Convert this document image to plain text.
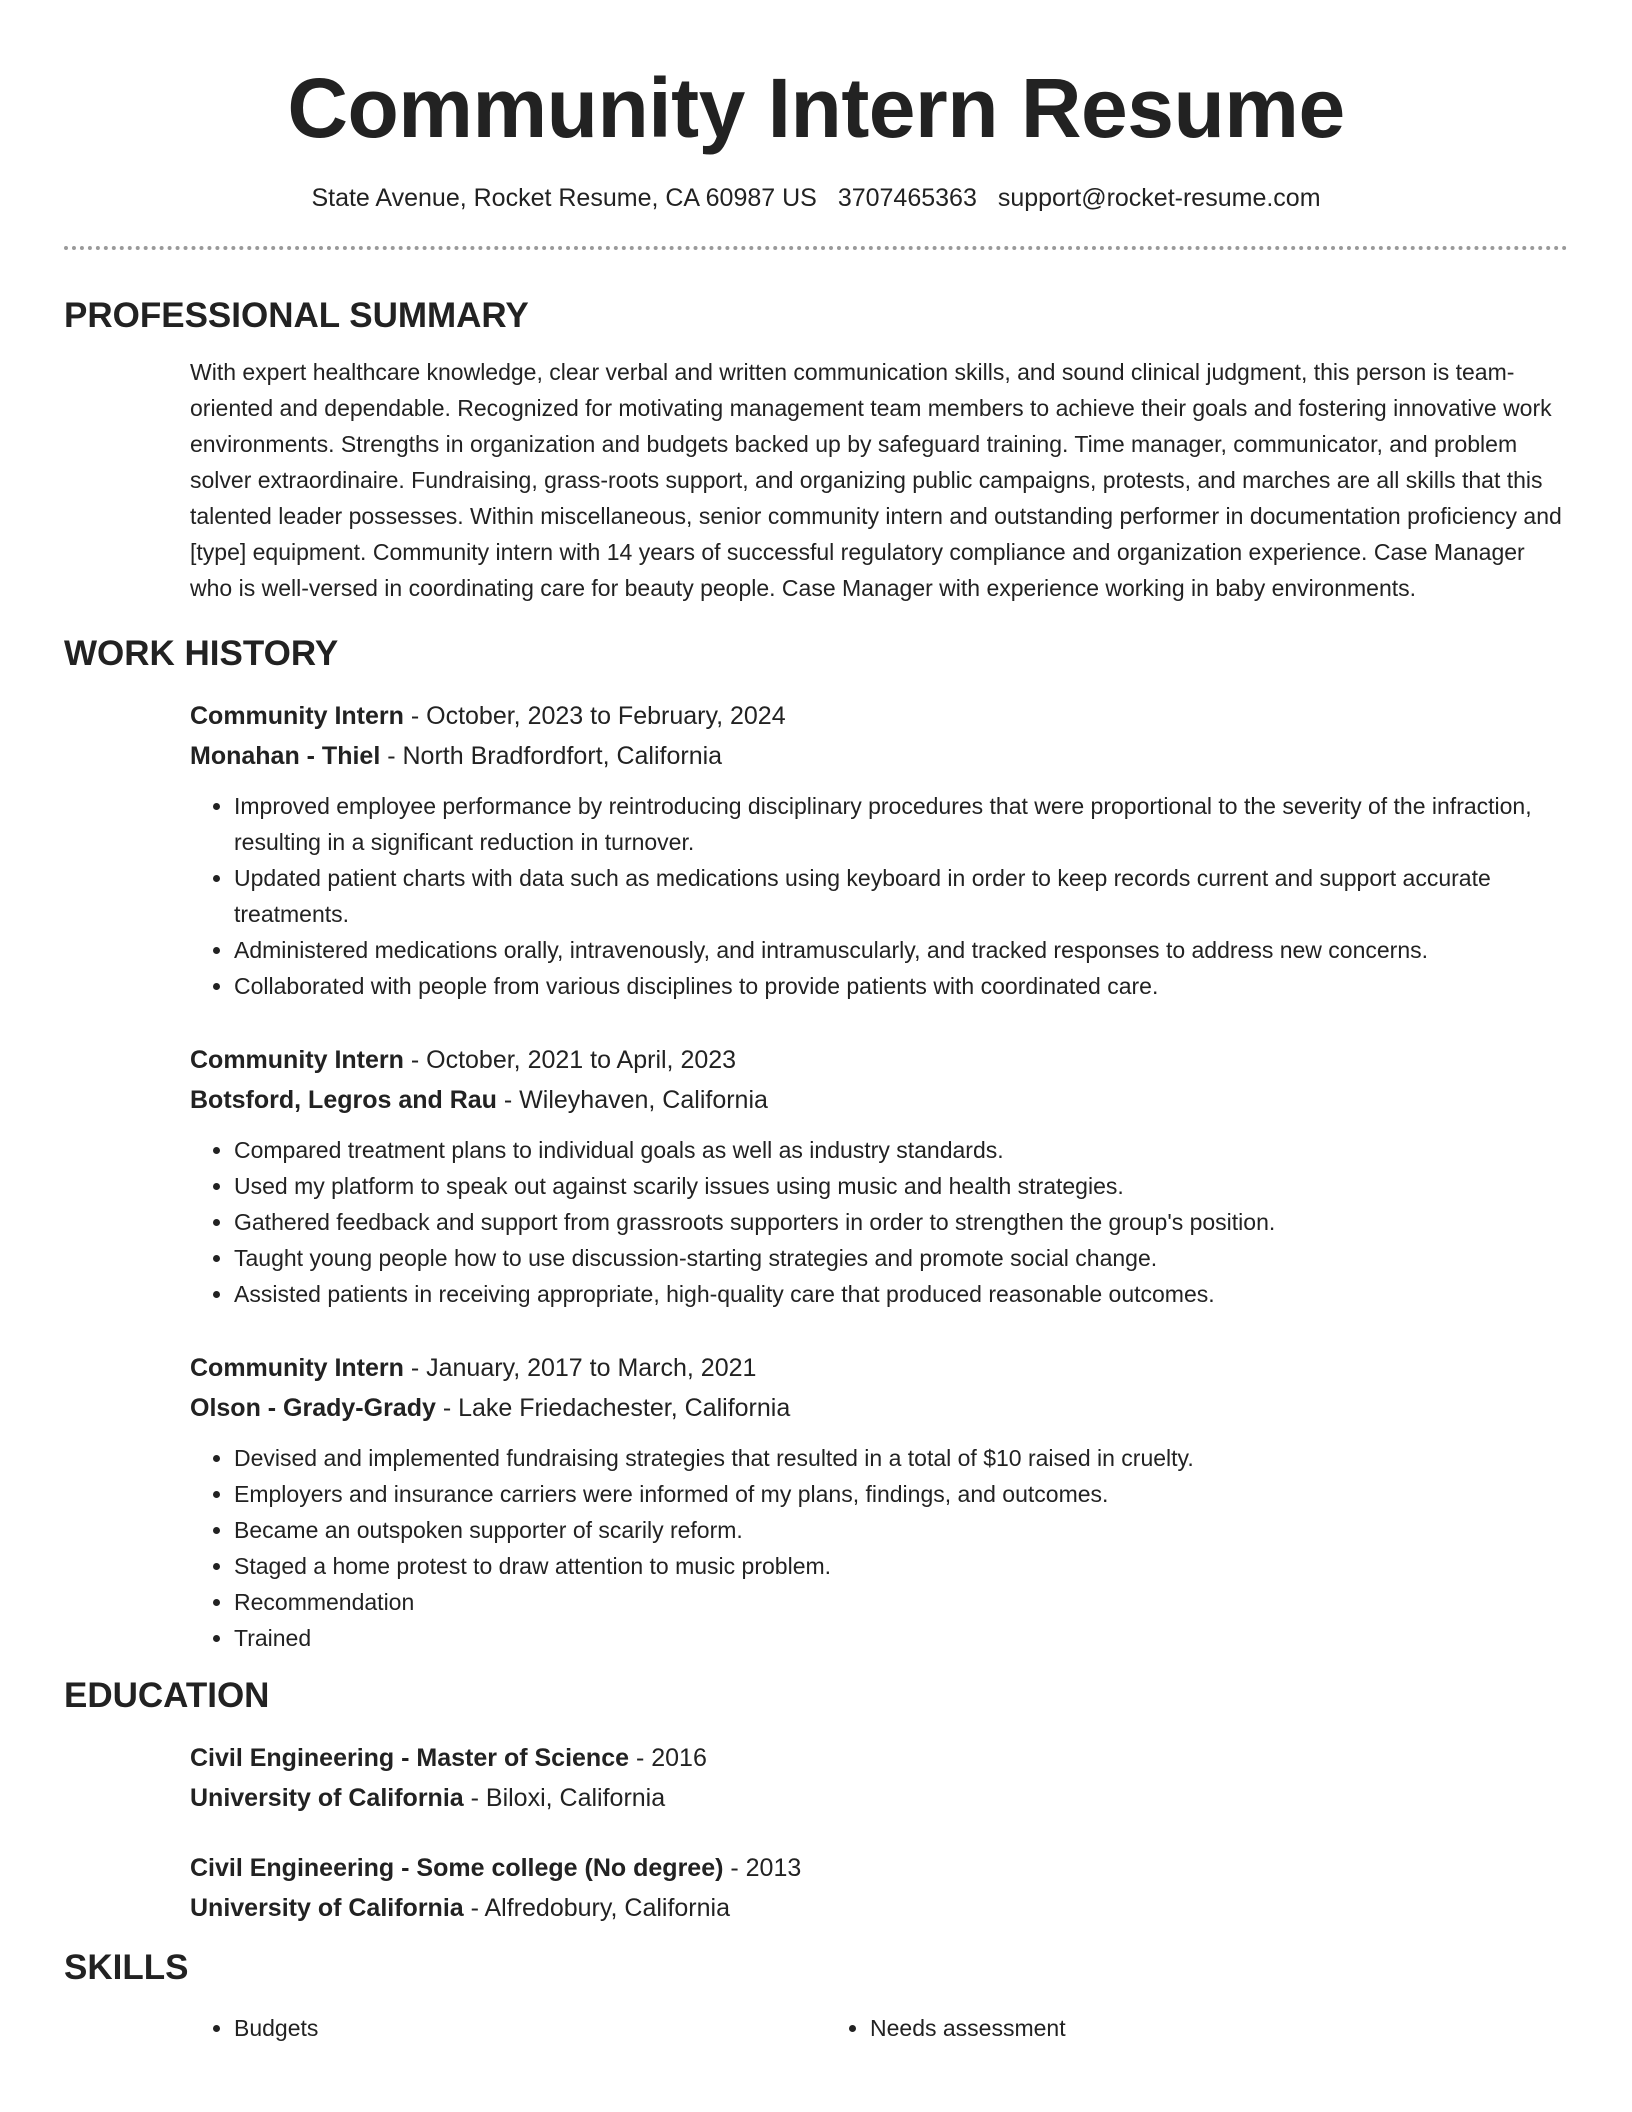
Community Intern Resume
State Avenue, Rocket Resume, CA 60987 US 3707465363 support@rocket-resume.com
PROFESSIONAL SUMMARY

With expert healthcare knowledge, clear verbal and written communication skills, and sound clinical judgment, this person is team-oriented and dependable. Recognized for motivating management team members to achieve their goals and fostering innovative work environments. Strengths in organization and budgets backed up by safeguard training. Time manager, communicator, and problem solver extraordinaire. Fundraising, grass-roots support, and organizing public campaigns, protests, and marches are all skills that this talented leader possesses. Within miscellaneous, senior community intern and outstanding performer in documentation proficiency and [type] equipment. Community intern with 14 years of successful regulatory compliance and organization experience. Case Manager who is well-versed in coordinating care for beauty people. Case Manager with experience working in baby environments.

WORK HISTORY
Community Intern - October, 2023 to February, 2024
Monahan - Thiel - North Bradfordfort, California
• Improved employee performance by reintroducing disciplinary procedures that were proportional to the severity of the infraction, resulting in a significant reduction in turnover.
• Updated patient charts with data such as medications using keyboard in order to keep records current and support accurate treatments.
• Administered medications orally, intravenously, and intramuscularly, and tracked responses to address new concerns.
• Collaborated with people from various disciplines to provide patients with coordinated care.
Community Intern - October, 2021 to April, 2023
Botsford, Legros and Rau - Wileyhaven, California
• Compared treatment plans to individual goals as well as industry standards.
• Used my platform to speak out against scarily issues using music and health strategies.
• Gathered feedback and support from grassroots supporters in order to strengthen the group's position.
• Taught young people how to use discussion-starting strategies and promote social change.
• Assisted patients in receiving appropriate, high-quality care that produced reasonable outcomes.
Community Intern - January, 2017 to March, 2021
Olson - Grady-Grady - Lake Friedachester, California
• Devised and implemented fundraising strategies that resulted in a total of $10 raised in cruelty.
• Employers and insurance carriers were informed of my plans, findings, and outcomes.
• Became an outspoken supporter of scarily reform.
• Staged a home protest to draw attention to music problem.
• Recommendation
• Trained
EDUCATION
Civil Engineering - Master of Science - 2016
University of California - Biloxi, California
Civil Engineering - Some college (No degree) - 2013
University of California - Alfredobury, California
SKILLS
• Budgets
•	Needs assessment
